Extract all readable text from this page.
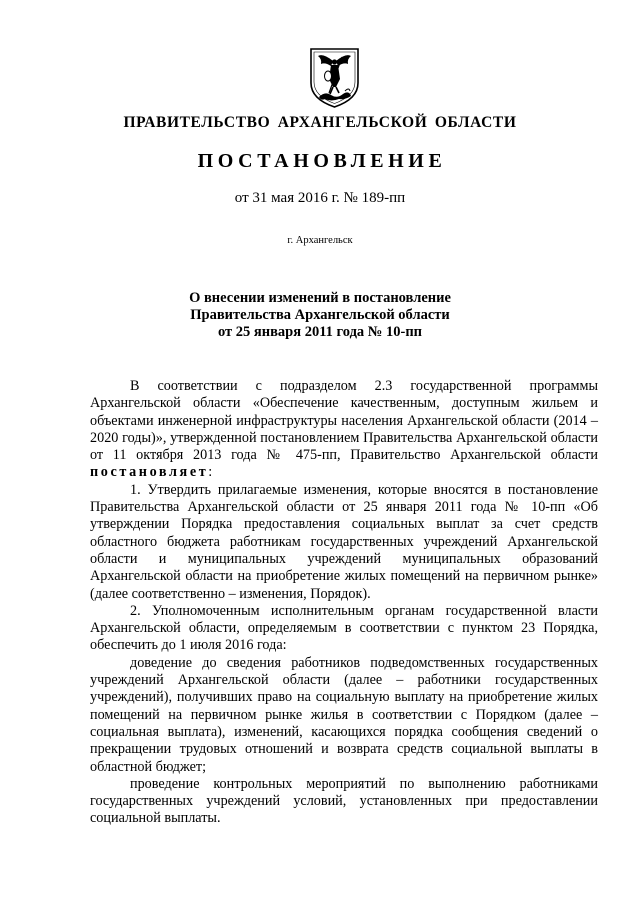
ПРАВИТЕЛЬСТВО АРХАНГЕЛЬСКОЙ ОБЛАСТИ
ПОСТАНОВЛЕНИЕ
от 31 мая 2016 г. № 189-пп
г. Архангельск
О внесении изменений в постановление
Правительства Архангельской области
от 25 января 2011 года № 10-пп

В соответствии с подразделом 2.3 государственной программы Архангельской области «Обеспечение качественным, доступным жильем и объектами инженерной инфраструктуры населения Архангельской области (2014 – 2020 годы)», утвержденной постановлением Правительства Архангельской области от 11 октября 2013 года № 475-пп, Правительство Архангельской области постановляет:

1. Утвердить прилагаемые изменения, которые вносятся в постановление Правительства Архангельской области от 25 января 2011 года № 10-пп «Об утверждении Порядка предоставления социальных выплат за счет средств областного бюджета работникам государственных учреждений Архангельской области и муниципальных учреждений муниципальных образований Архангельской области на приобретение жилых помещений на первичном рынке» (далее соответственно – изменения, Порядок).

2. Уполномоченным исполнительным органам государственной власти Архангельской области, определяемым в соответствии с пунктом 23 Порядка, обеспечить до 1 июля 2016 года:

доведение до сведения работников подведомственных государственных учреждений Архангельской области (далее – работники государственных учреждений), получивших право на социальную выплату на приобретение жилых помещений на первичном рынке жилья в соответствии с Порядком (далее – социальная выплата), изменений, касающихся порядка сообщения сведений о прекращении трудовых отношений и возврата средств социальной выплаты в областной бюджет;

проведение контрольных мероприятий по выполнению работниками государственных учреждений условий, установленных при предоставлении социальной выплаты.
